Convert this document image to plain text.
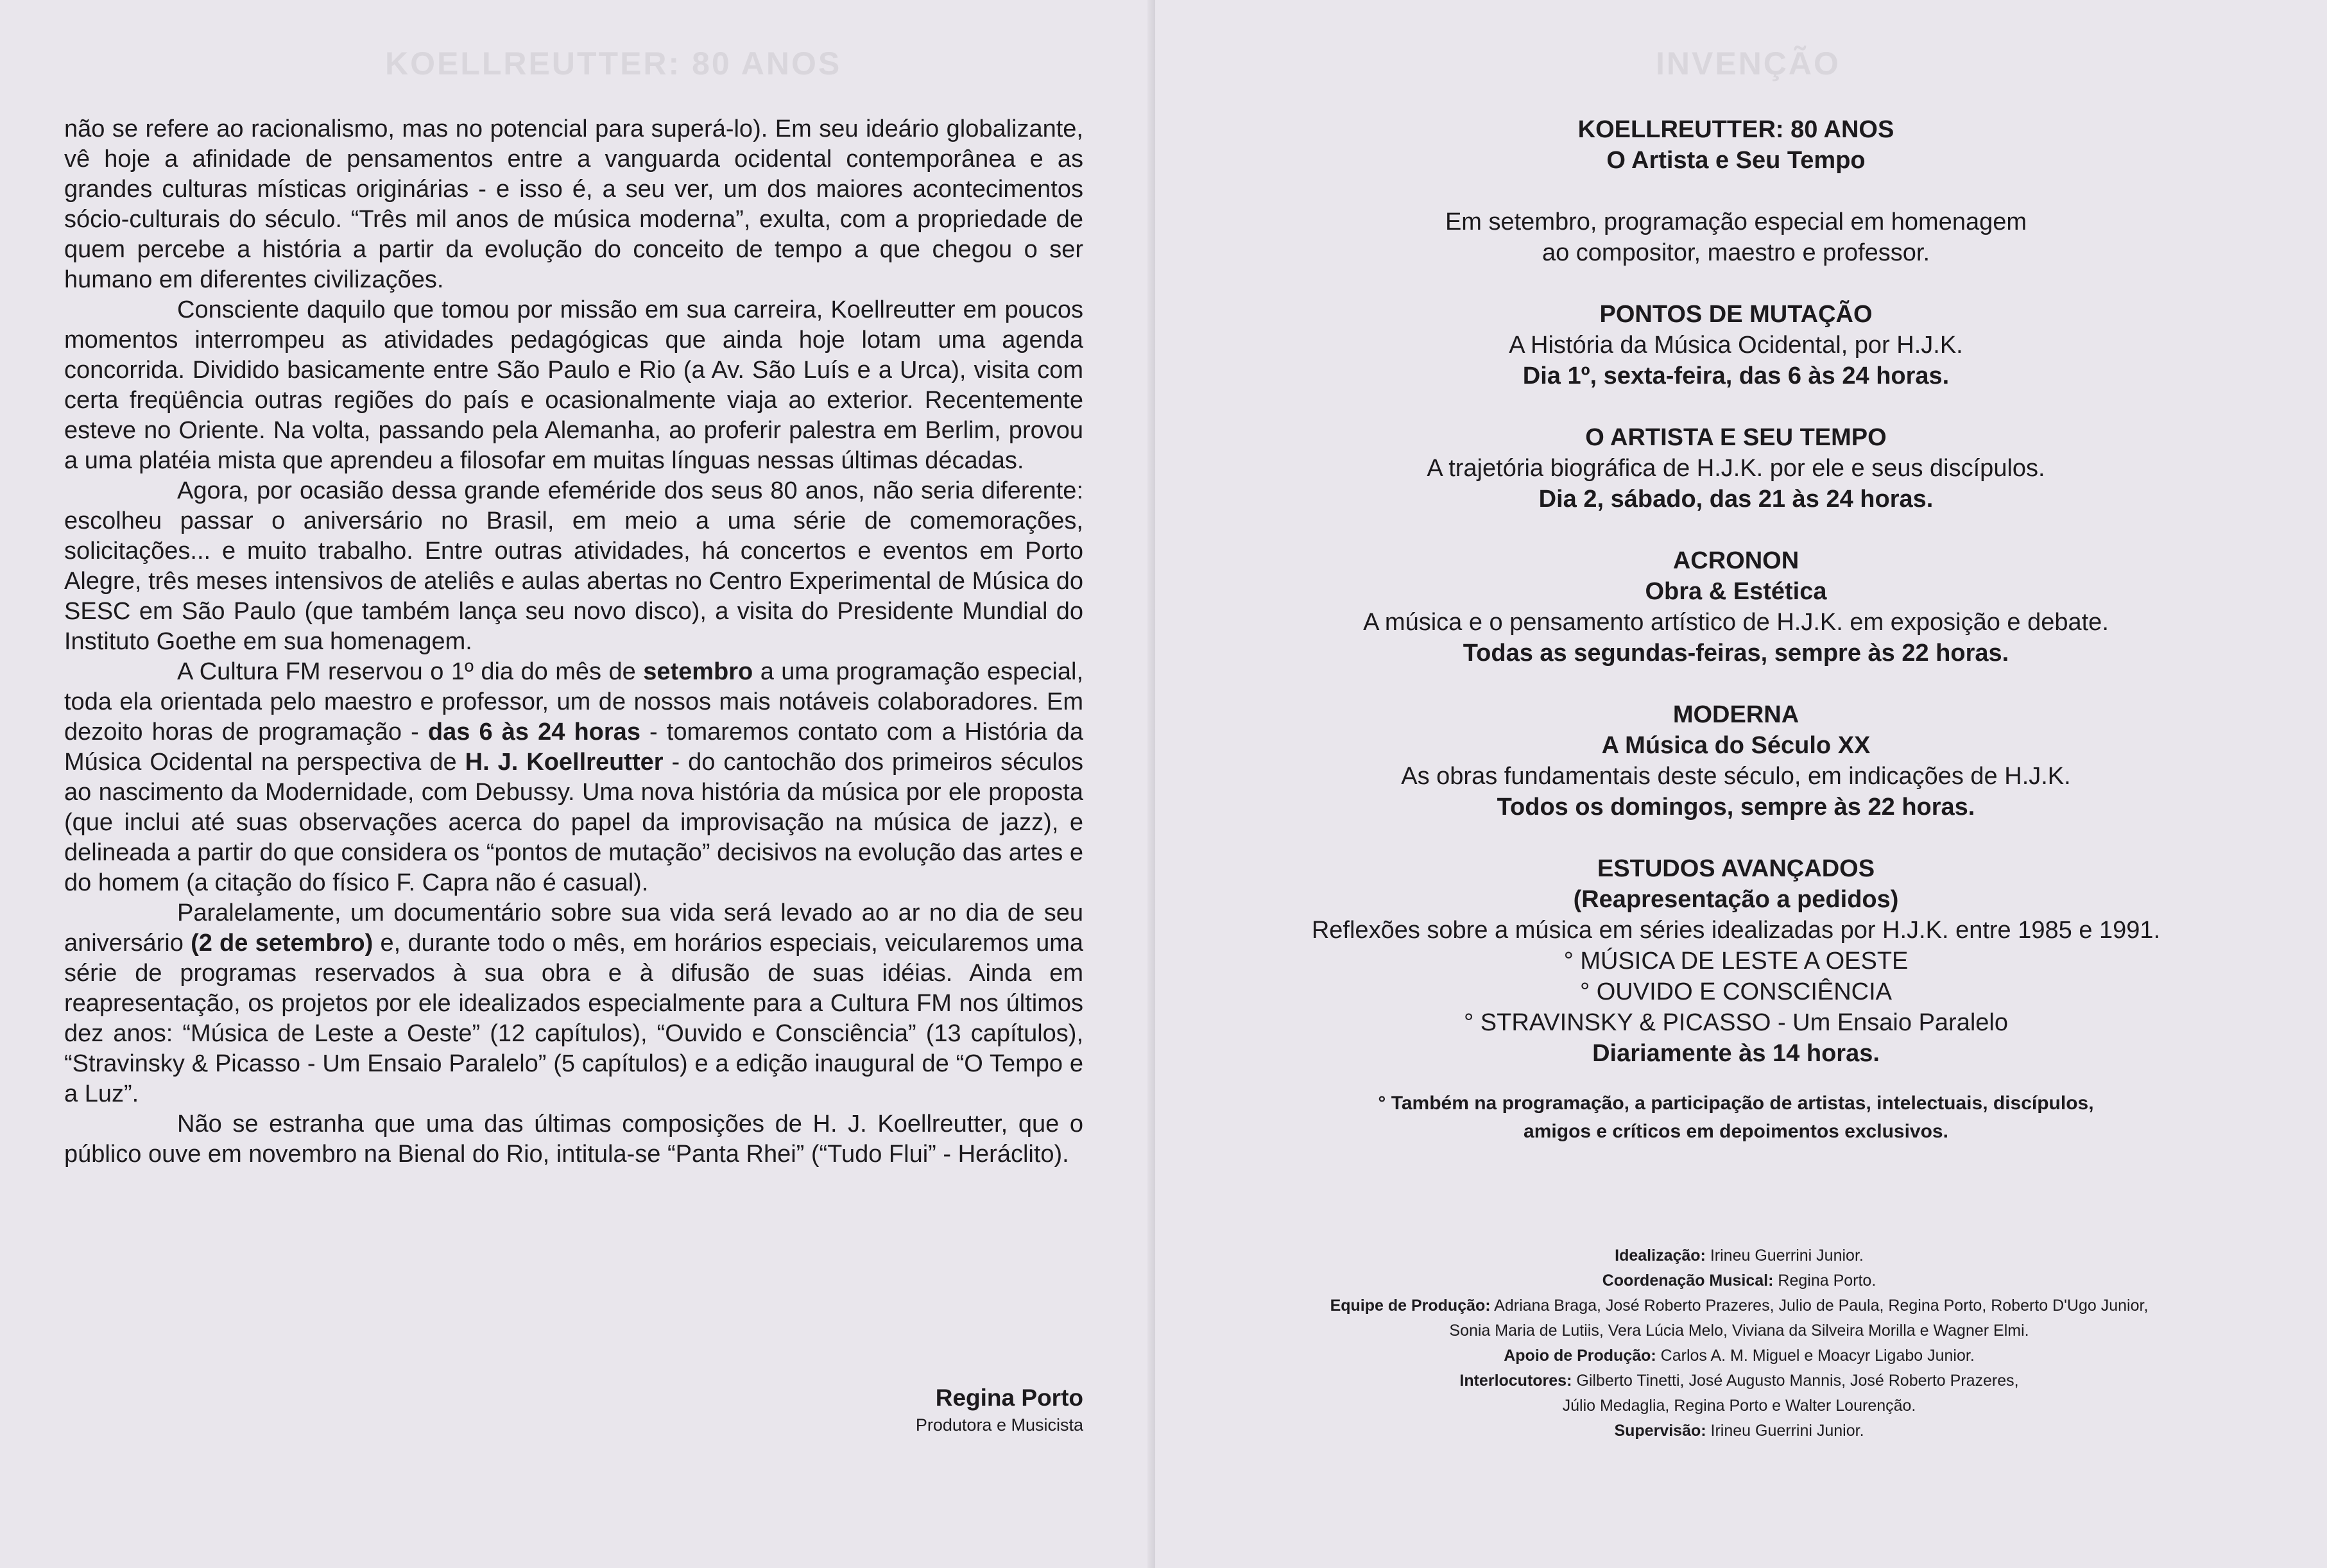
KOELLREUTTER: 80 ANOS

não se refere ao racionalismo, mas no potencial para superá-lo). Em seu ideário globalizante, vê hoje a afinidade de pensamentos entre a vanguarda ocidental contemporânea e as grandes culturas místicas originárias - e isso é, a seu ver, um dos maiores acontecimentos sócio-culturais do século. “Três mil anos de música moderna”, exulta, com a propriedade de quem percebe a história a partir da evolução do conceito de tempo a que chegou o ser humano em diferentes civilizações.

Consciente daquilo que tomou por missão em sua carreira, Koellreutter em poucos momentos interrompeu as atividades pedagógicas que ainda hoje lotam uma agenda concorrida. Dividido basicamente entre São Paulo e Rio (a Av. São Luís e a Urca), visita com certa freqüência outras regiões do país e ocasionalmente viaja ao exterior. Recentemente esteve no Oriente. Na volta, passando pela Alemanha, ao proferir palestra em Berlim, provou a uma platéia mista que aprendeu a filosofar em muitas línguas nessas últimas décadas.

Agora, por ocasião dessa grande efeméride dos seus 80 anos, não seria diferente: escolheu passar o aniversário no Brasil, em meio a uma série de comemorações, solicitações... e muito trabalho. Entre outras atividades, há concertos e eventos em Porto Alegre, três meses intensivos de ateliês e aulas abertas no Centro Experimental de Música do SESC em São Paulo (que também lança seu novo disco), a visita do Presidente Mundial do Instituto Goethe em sua homenagem.

A Cultura FM reservou o 1º dia do mês de setembro a uma programação especial, toda ela orientada pelo maestro e professor, um de nossos mais notáveis colaboradores. Em dezoito horas de programação - das 6 às 24 horas - tomaremos contato com a História da Música Ocidental na perspectiva de H. J. Koellreutter - do cantochão dos primeiros séculos ao nascimento da Modernidade, com Debussy. Uma nova história da música por ele proposta (que inclui até suas observações acerca do papel da improvisação na música de jazz), e delineada a partir do que considera os “pontos de mutação” decisivos na evolução das artes e do homem (a citação do físico F. Capra não é casual).

Paralelamente, um documentário sobre sua vida será levado ao ar no dia de seu aniversário (2 de setembro) e, durante todo o mês, em horários especiais, veicularemos uma série de programas reservados à sua obra e à difusão de suas idéias. Ainda em reapresentação, os projetos por ele idealizados especialmente para a Cultura FM nos últimos dez anos: “Música de Leste a Oeste” (12 capítulos), “Ouvido e Consciência” (13 capítulos), “Stravinsky & Picasso - Um Ensaio Paralelo” (5 capítulos) e a edição inaugural de “O Tempo e a Luz”.

Não se estranha que uma das últimas composições de H. J. Koellreutter, que o público ouve em novembro na Bienal do Rio, intitula-se “Panta Rhei” (“Tudo Flui” - Heráclito).

Regina Porto
Produtora e Musicista
INVENÇÃO
KOELLREUTTER: 80 ANOS
O Artista e Seu Tempo
Em setembro, programação especial em homenagem
ao compositor, maestro e professor.
PONTOS DE MUTAÇÃO
A História da Música Ocidental, por H.J.K.
Dia 1º, sexta-feira, das 6 às 24 horas.
O ARTISTA E SEU TEMPO
A trajetória biográfica de H.J.K. por ele e seus discípulos.
Dia 2, sábado, das 21 às 24 horas.
ACRONON
Obra & Estética
A música e o pensamento artístico de H.J.K. em exposição e debate.
Todas as segundas-feiras, sempre às 22 horas.
MODERNA
A Música do Século XX
As obras fundamentais deste século, em indicações de H.J.K.
Todos os domingos, sempre às 22 horas.
ESTUDOS AVANÇADOS
(Reapresentação a pedidos)
Reflexões sobre a música em séries idealizadas por H.J.K. entre 1985 e 1991.
° MÚSICA DE LESTE A OESTE
° OUVIDO E CONSCIÊNCIA
° STRAVINSKY & PICASSO - Um Ensaio Paralelo
Diariamente às 14 horas.
° Também na programação, a participação de artistas, intelectuais, discípulos,
amigos e críticos em depoimentos exclusivos.
Idealização: Irineu Guerrini Junior.
Coordenação Musical: Regina Porto.
Equipe de Produção: Adriana Braga, José Roberto Prazeres, Julio de Paula, Regina Porto, Roberto D'Ugo Junior,
Sonia Maria de Lutiis, Vera Lúcia Melo, Viviana da Silveira Morilla e Wagner Elmi.
Apoio de Produção: Carlos A. M. Miguel e Moacyr Ligabo Junior.
Interlocutores: Gilberto Tinetti, José Augusto Mannis, José Roberto Prazeres,
Júlio Medaglia, Regina Porto e Walter Lourenção.
Supervisão: Irineu Guerrini Junior.
